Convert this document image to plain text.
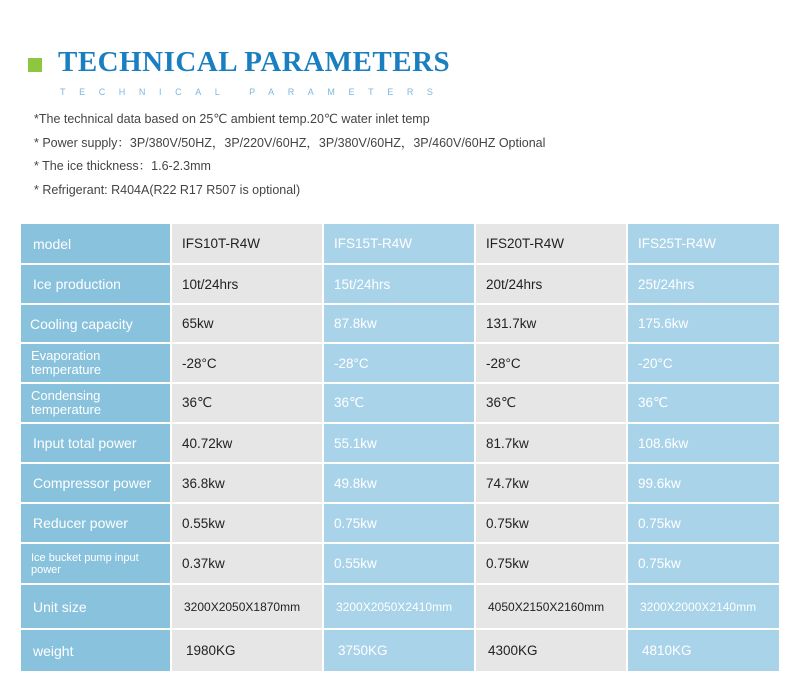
TECHNICAL PARAMETERS
TECHNICAL PARAMETERS
*The technical data based on 25℃ ambient temp.20℃ water inlet temp
* Power supply：3P/380V/50HZ，3P/220V/60HZ，3P/380V/60HZ，3P/460V/60HZ Optional
* The ice thickness：1.6-2.3mm
* Refrigerant: R404A(R22 R17 R507 is optional)
model	IFS10T-R4W	IFS15T-R4W	IFS20T-R4W	IFS25T-R4W
Ice production	10t/24hrs	15t/24hrs	20t/24hrs	25t/24hrs
Cooling capacity	65kw	87.8kw	131.7kw	175.6kw
Evaporation temperature	-28°C	-28°C	-28°C	-20°C
Condensing temperature	36℃	36℃	36℃	36℃
Input total power	40.72kw	55.1kw	81.7kw	108.6kw
Compressor power	36.8kw	49.8kw	74.7kw	99.6kw
Reducer power	0.55kw	0.75kw	0.75kw	0.75kw
Ice bucket pump input power	0.37kw	0.55kw	0.75kw	0.75kw
Unit size	3200X2050X1870mm	3200X2050X2410mm	4050X2150X2160mm	3200X2000X2140mm
weight	1980KG	3750KG	4300KG	4810KG
